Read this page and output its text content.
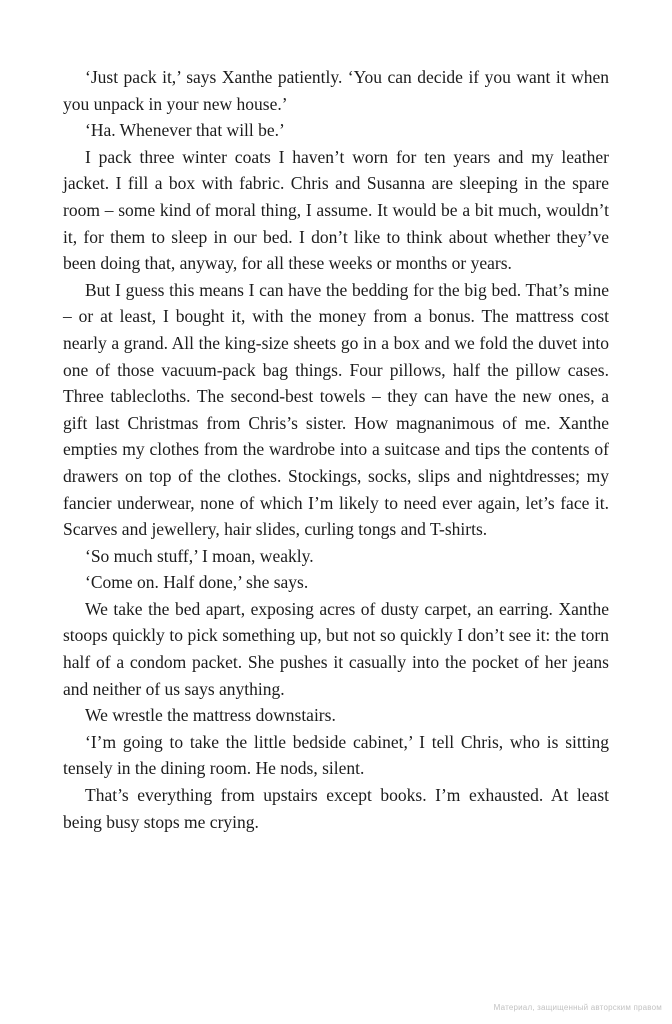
‘Just pack it,’ says Xanthe patiently. ‘You can decide if you want it when you unpack in your new house.’

‘Ha. Whenever that will be.’

I pack three winter coats I haven’t worn for ten years and my leather jacket. I fill a box with fabric. Chris and Susanna are sleeping in the spare room – some kind of moral thing, I assume. It would be a bit much, wouldn’t it, for them to sleep in our bed. I don’t like to think about whether they’ve been doing that, anyway, for all these weeks or months or years.

But I guess this means I can have the bedding for the big bed. That’s mine – or at least, I bought it, with the money from a bonus. The mattress cost nearly a grand. All the king-size sheets go in a box and we fold the duvet into one of those vacuum-pack bag things. Four pillows, half the pillow cases. Three tablecloths. The second-best towels – they can have the new ones, a gift last Christmas from Chris’s sister. How magnanimous of me. Xanthe empties my clothes from the wardrobe into a suitcase and tips the contents of drawers on top of the clothes. Stockings, socks, slips and nightdresses; my fancier underwear, none of which I’m likely to need ever again, let’s face it. Scarves and jewellery, hair slides, curling tongs and T-shirts.

‘So much stuff,’ I moan, weakly.

‘Come on. Half done,’ she says.

We take the bed apart, exposing acres of dusty carpet, an earring. Xanthe stoops quickly to pick something up, but not so quickly I don’t see it: the torn half of a condom packet. She pushes it casually into the pocket of her jeans and neither of us says anything.

We wrestle the mattress downstairs.

‘I’m going to take the little bedside cabinet,’ I tell Chris, who is sitting tensely in the dining room. He nods, silent.

That’s everything from upstairs except books. I’m exhausted. At least being busy stops me crying.

Материал, защищенный авторским правом
